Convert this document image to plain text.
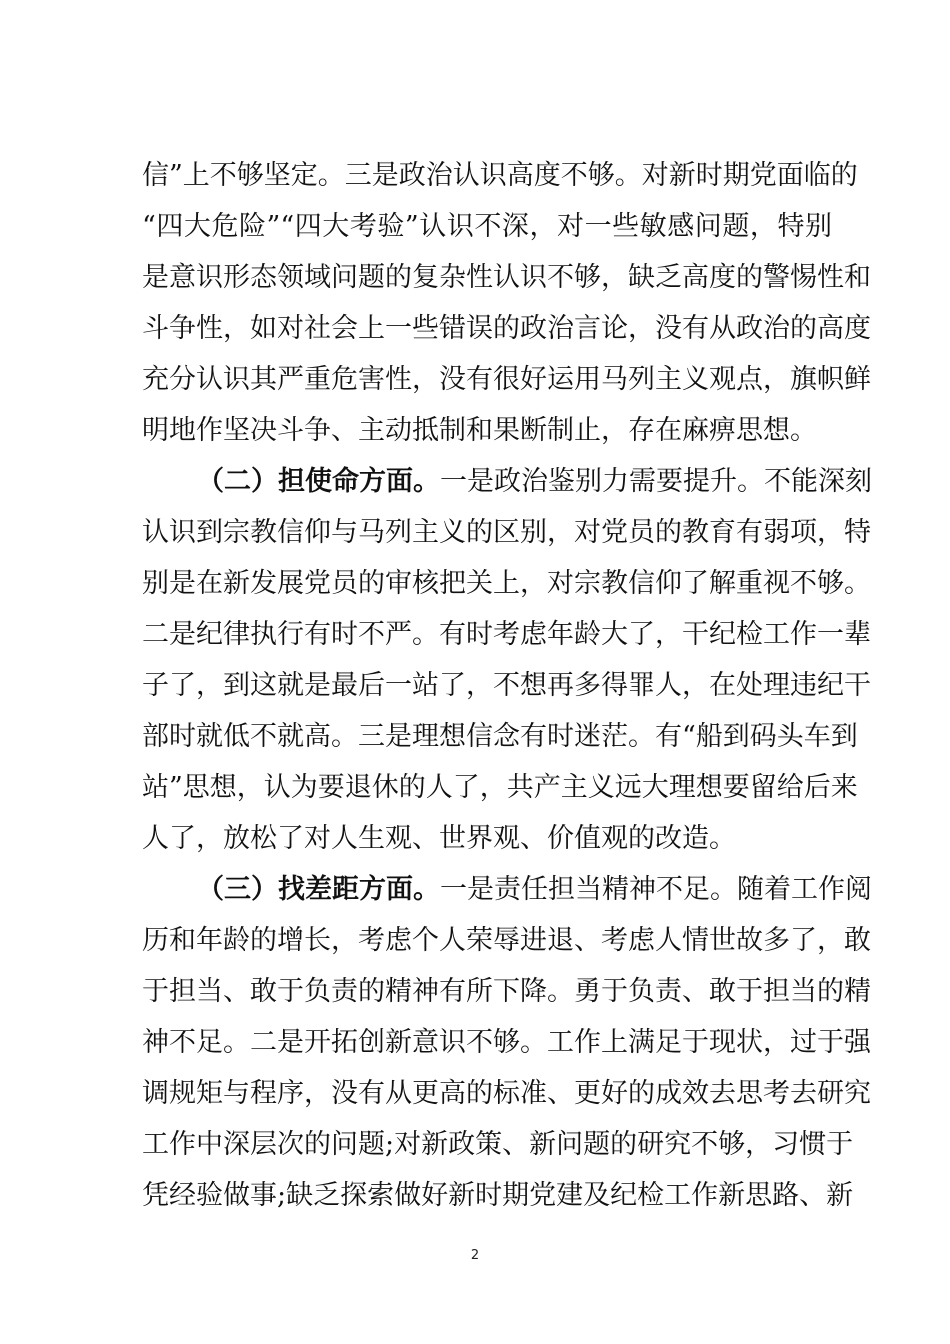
信”上不够坚定。三是政治认识高度不够。对新时期党面临的
“四大危险”“四大考验”认识不深，对一些敏感问题，特别
是意识形态领域问题的复杂性认识不够，缺乏高度的警惕性和
斗争性，如对社会上一些错误的政治言论，没有从政治的高度
充分认识其严重危害性，没有很好运用马列主义观点，旗帜鲜
明地作坚决斗争、主动抵制和果断制止，存在麻痹思想。
（二）担使命方面。一是政治鉴别力需要提升。不能深刻
认识到宗教信仰与马列主义的区别，对党员的教育有弱项，特
别是在新发展党员的审核把关上，对宗教信仰了解重视不够。
二是纪律执行有时不严。有时考虑年龄大了，干纪检工作一辈
子了，到这就是最后一站了，不想再多得罪人，在处理违纪干
部时就低不就高。三是理想信念有时迷茫。有“船到码头车到
站”思想，认为要退休的人了，共产主义远大理想要留给后来
人了，放松了对人生观、世界观、价值观的改造。
（三）找差距方面。一是责任担当精神不足。随着工作阅
历和年龄的增长，考虑个人荣辱进退、考虑人情世故多了，敢
于担当、敢于负责的精神有所下降。勇于负责、敢于担当的精
神不足。二是开拓创新意识不够。工作上满足于现状，过于强
调规矩与程序，没有从更高的标准、更好的成效去思考去研究
工作中深层次的问题;对新政策、新问题的研究不够，习惯于
凭经验做事;缺乏探索做好新时期党建及纪检工作新思路、新
2
